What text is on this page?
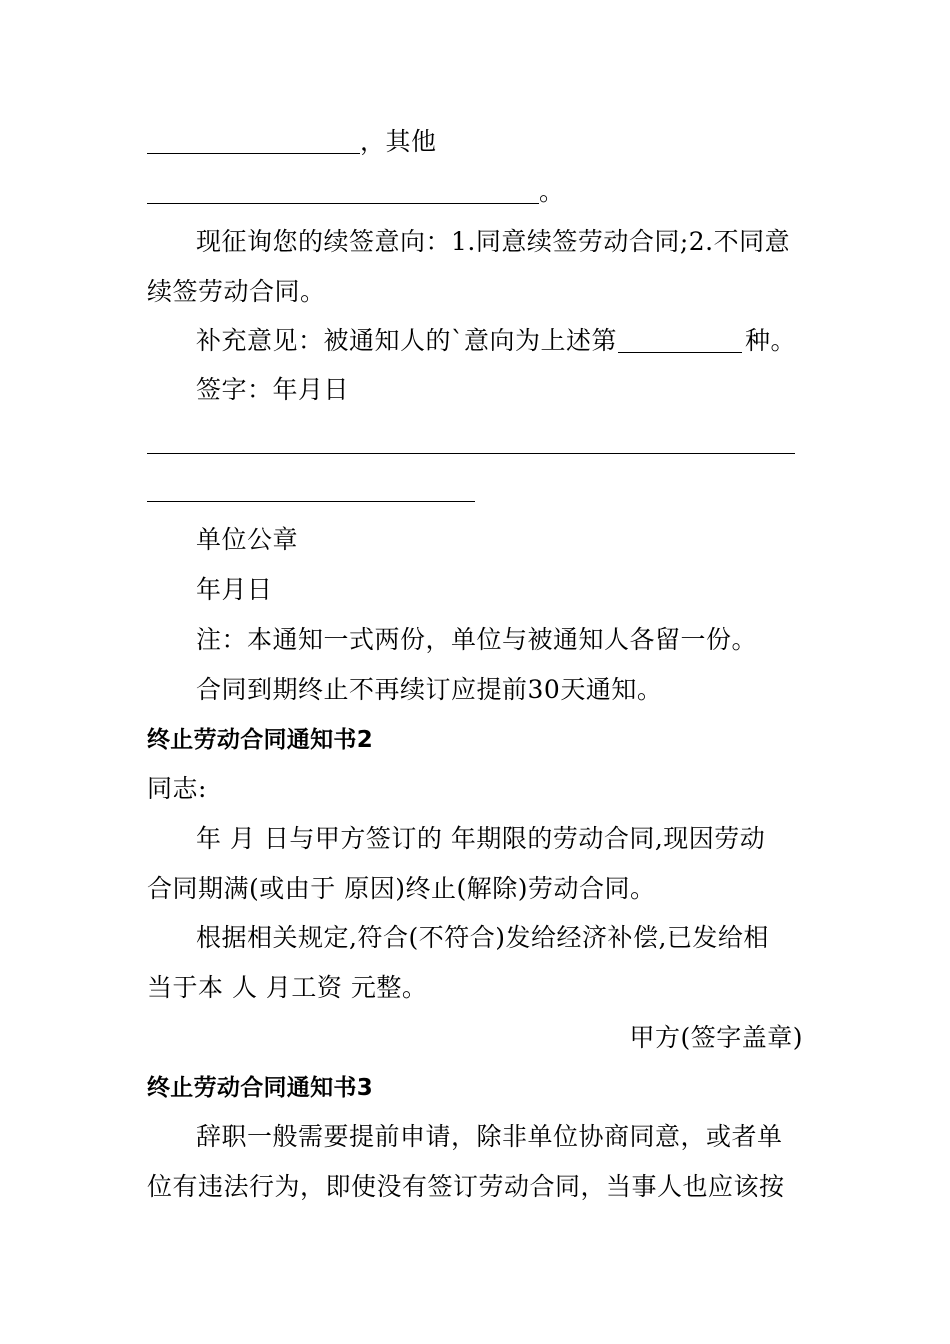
，其他
。
现征询您的续签意向：1.同意续签劳动合同;2.不同意
续签劳动合同。
补充意见：被通知人的`意向为上述第	种。
签字：年月日
单位公章
年月日
注：本通知一式两份，单位与被通知人各留一份。
合同到期终止不再续订应提前30天通知。
终止劳动合同通知书2
同志:
年 月 日与甲方签订的 年期限的劳动合同,现因劳动
合同期满(或由于 原因)终止(解除)劳动合同。
根据相关规定,符合(不符合)发给经济补偿,已发给相
当于本 人 月工资 元整。
甲方(签字盖章)
终止劳动合同通知书3
辞职一般需要提前申请，除非单位协商同意，或者单
位有违法行为，即使没有签订劳动合同，当事人也应该按
